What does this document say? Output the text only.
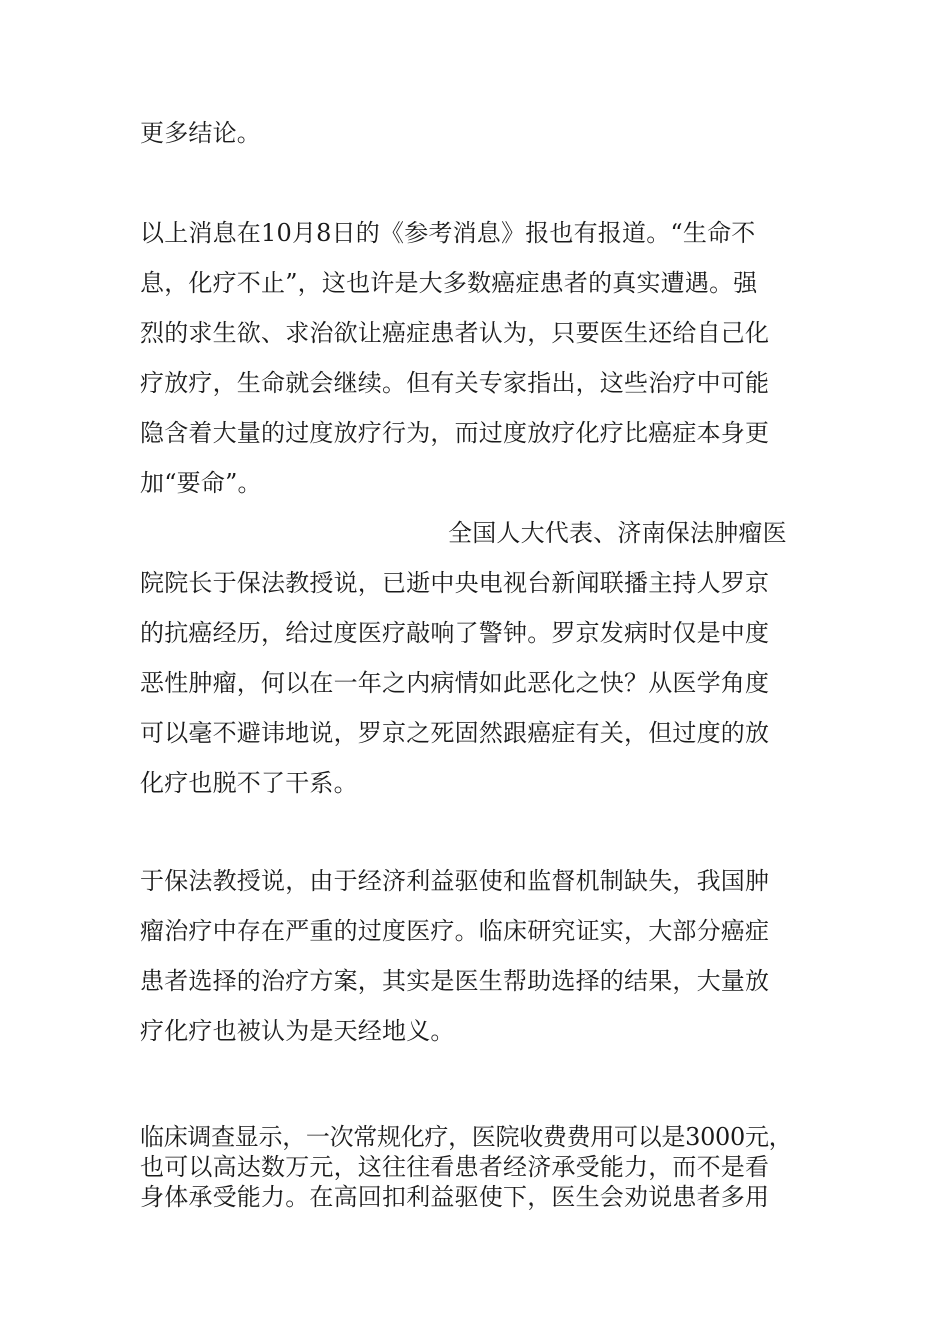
更多结论。
以上消息在10月8日的《参考消息》报也有报道。“生命不
息，化疗不止”，这也许是大多数癌症患者的真实遭遇。强
烈的求生欲、求治欲让癌症患者认为，只要医生还给自己化
疗放疗，生命就会继续。但有关专家指出，这些治疗中可能
隐含着大量的过度放疗行为，而过度放疗化疗比癌症本身更
加“要命”。
全国人大代表、济南保法肿瘤医
院院长于保法教授说，已逝中央电视台新闻联播主持人罗京
的抗癌经历，给过度医疗敲响了警钟。罗京发病时仅是中度
恶性肿瘤，何以在一年之内病情如此恶化之快？从医学角度
可以毫不避讳地说，罗京之死固然跟癌症有关，但过度的放
化疗也脱不了干系。
于保法教授说，由于经济利益驱使和监督机制缺失，我国肿
瘤治疗中存在严重的过度医疗。临床研究证实，大部分癌症
患者选择的治疗方案，其实是医生帮助选择的结果，大量放
疗化疗也被认为是天经地义。
临床调查显示，一次常规化疗，医院收费费用可以是3000元，
也可以高达数万元，这往往看患者经济承受能力，而不是看
身体承受能力。在高回扣利益驱使下，医生会劝说患者多用
